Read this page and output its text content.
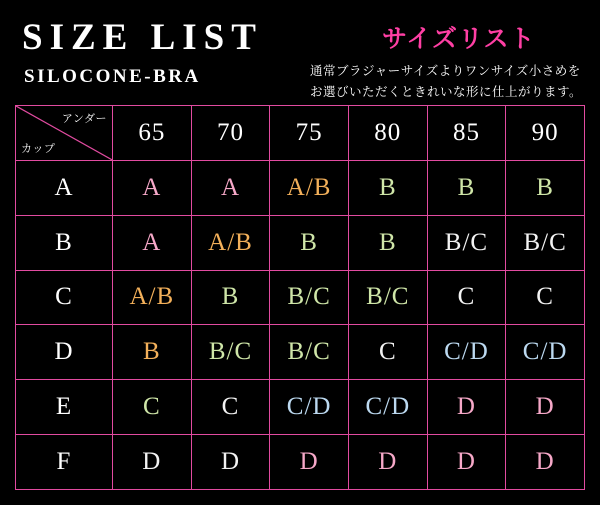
SIZE LIST	サイズリスト
SILOCONE-BRA	通常ブラジャーサイズよりワンサイズ小さめを
お選びいただくときれいな形に仕上がります。
アンダー
カップ	65	70	75	80	85	90
A	A	A	A/B	B	B	B
B	A	A/B	B	B	B/C	B/C
C	A/B	B	B/C	B/C	C	C
D	B	B/C	B/C	C	C/D	C/D
E	C	C	C/D	C/D	D	D
F	D	D	D	D	D	D
